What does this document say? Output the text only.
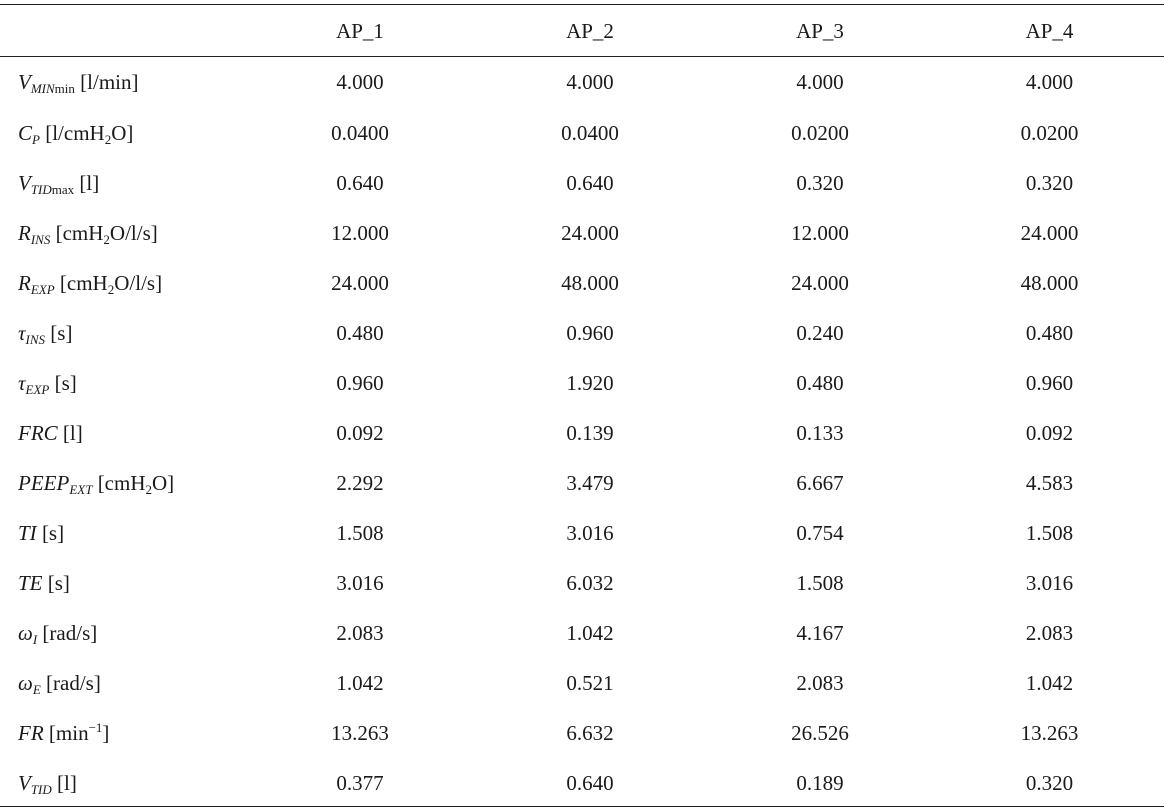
	AP_1	AP_2	AP_3	AP_4
$V_{MINmin}$ [l/min]	4.000	4.000	4.000	4.000
$C_P$ [l/cmH$_2$O]	0.0400	0.0400	0.0200	0.0200
$V_{TIDmax}$ [l]	0.640	0.640	0.320	0.320
$R_{INS}$ [cmH$_2$O/l/s]	12.000	24.000	12.000	24.000
$R_{EXP}$ [cmH$_2$O/l/s]	24.000	48.000	24.000	48.000
$\tau_{INS}$ [s]	0.480	0.960	0.240	0.480
$\tau_{EXP}$ [s]	0.960	1.920	0.480	0.960
FRC [l]	0.092	0.139	0.133	0.092
$PEEP_{EXT}$ [cmH$_2$O]	2.292	3.479	6.667	4.583
TI [s]	1.508	3.016	0.754	1.508
TE [s]	3.016	6.032	1.508	3.016
$\omega_I$ [rad/s]	2.083	1.042	4.167	2.083
$\omega_E$ [rad/s]	1.042	0.521	2.083	1.042
FR $[\min^{-1}]$	13.263	6.632	26.526	13.263
$V_{TID}$ [l]	0.377	0.640	0.189	0.320
